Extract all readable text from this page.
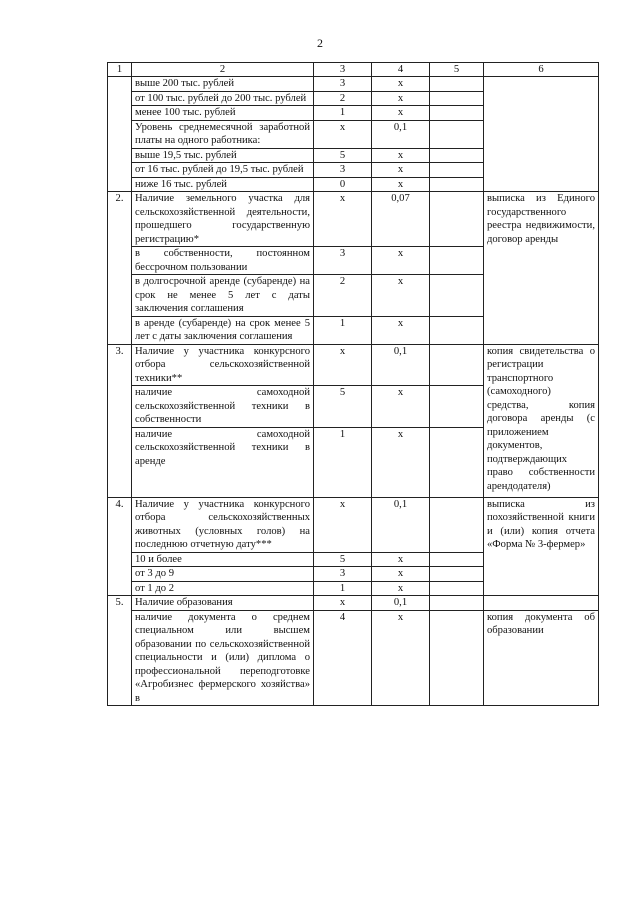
2
1	2	3	4	5	6
	выше 200 тыс. рублей	3	х		
	от 100 тыс. рублей до 200 тыс. рублей	2	х		
	менее 100 тыс. рублей	1	х		
	Уровень среднемесячной заработной платы на одного работника:	х	0,1		
	выше 19,5 тыс. рублей	5	х		
	от 16 тыс. рублей до 19,5 тыс. рублей	3	х		
	ниже 16 тыс. рублей	0	х		
2.	Наличие земельного участка для сельскохозяйственной деятельности, прошедшего государственную регистрацию*	х	0,07		выписка из Единого государственного реестра недвижимости, договор аренды
	в собственности, постоянном бессрочном пользовании	3	х		
	в долгосрочной аренде (субаренде) на срок не менее 5 лет с даты заключения соглашения	2	х		
	в аренде (субаренде) на срок менее 5 лет с даты заключения соглашения	1	х		
3.	Наличие у участника конкурсного отбора сельскохозяйственной техники**	х	0,1		копия свидетельства о регистрации транспортного (самоходного) средства, копия договора аренды (с приложением документов, подтверждающих право собственности арендодателя)
	наличие самоходной сельскохозяйственной техники в собственности	5	х		
	наличие самоходной сельскохозяйственной техники в аренде	1	х		
4.	Наличие у участника конкурсного отбора сельскохозяйственных животных (условных голов) на последнюю отчетную дату***	х	0,1		выписка из похозяйственной книги и (или) копия отчета «Форма № 3-фермер»
	10 и более	5	х		
	от 3 до 9	3	х		
	от 1 до 2	1	х		
5.	Наличие образования	х	0,1		
	наличие документа о среднем специальном или высшем образовании по сельскохозяйственной специальности и (или) диплома о профессиональной переподготовке «Агробизнес фермерского хозяйства» в	4	х		копия документа об образовании
